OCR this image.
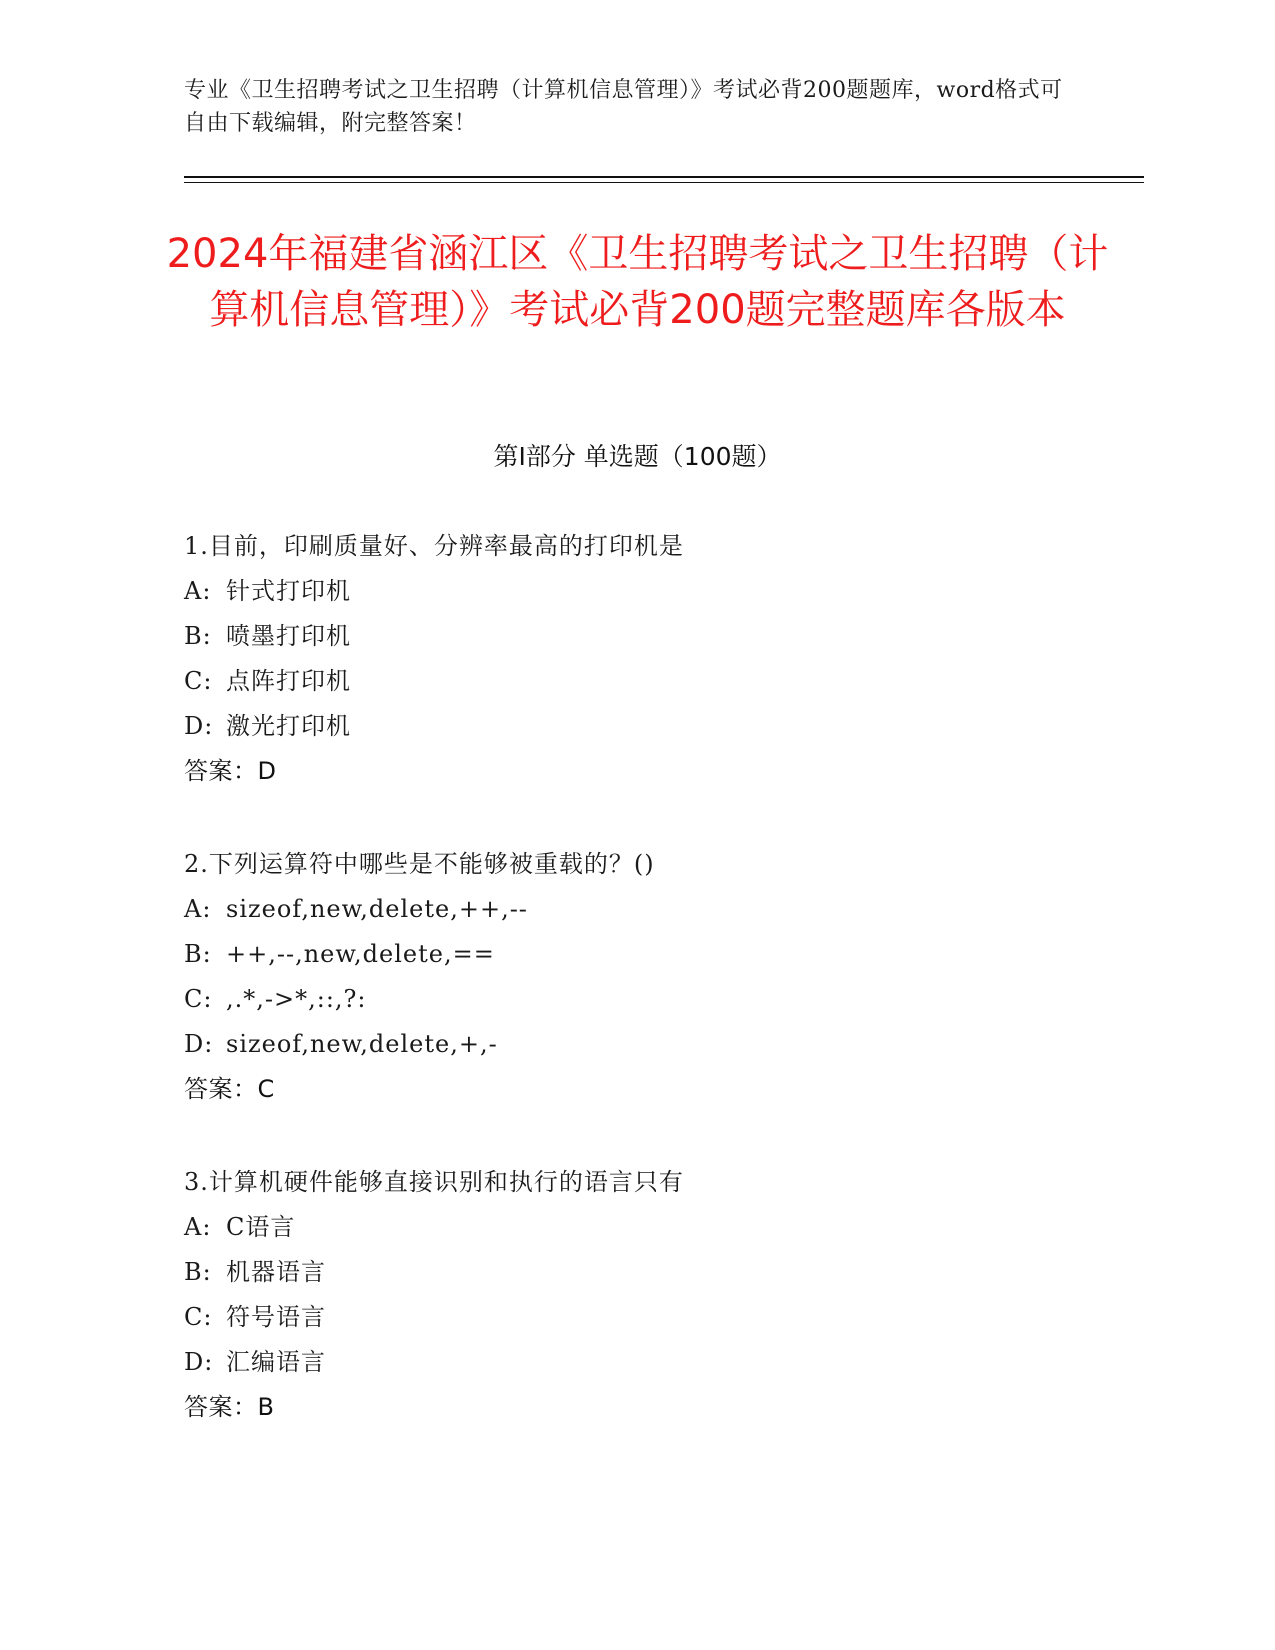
专业《卫生招聘考试之卫生招聘（计算机信息管理）》考试必背200题题库，word格式可自由下载编辑，附完整答案！
2024年福建省涵江区《卫生招聘考试之卫生招聘（计算机信息管理）》考试必背200题完整题库各版本
第Ⅰ部分 单选题（100题）
1.目前，印刷质量好、分辨率最高的打印机是
A: 针式打印机
B: 喷墨打印机
C: 点阵打印机
D: 激光打印机
答案：D
2.下列运算符中哪些是不能够被重载的？()
A: sizeof,new,delete,++,--
B: ++,--,new,delete,==
C: ,.*,->*,::,?:
D: sizeof,new,delete,+,-
答案：C
3.计算机硬件能够直接识别和执行的语言只有
A: C语言
B: 机器语言
C: 符号语言
D: 汇编语言
答案：B
